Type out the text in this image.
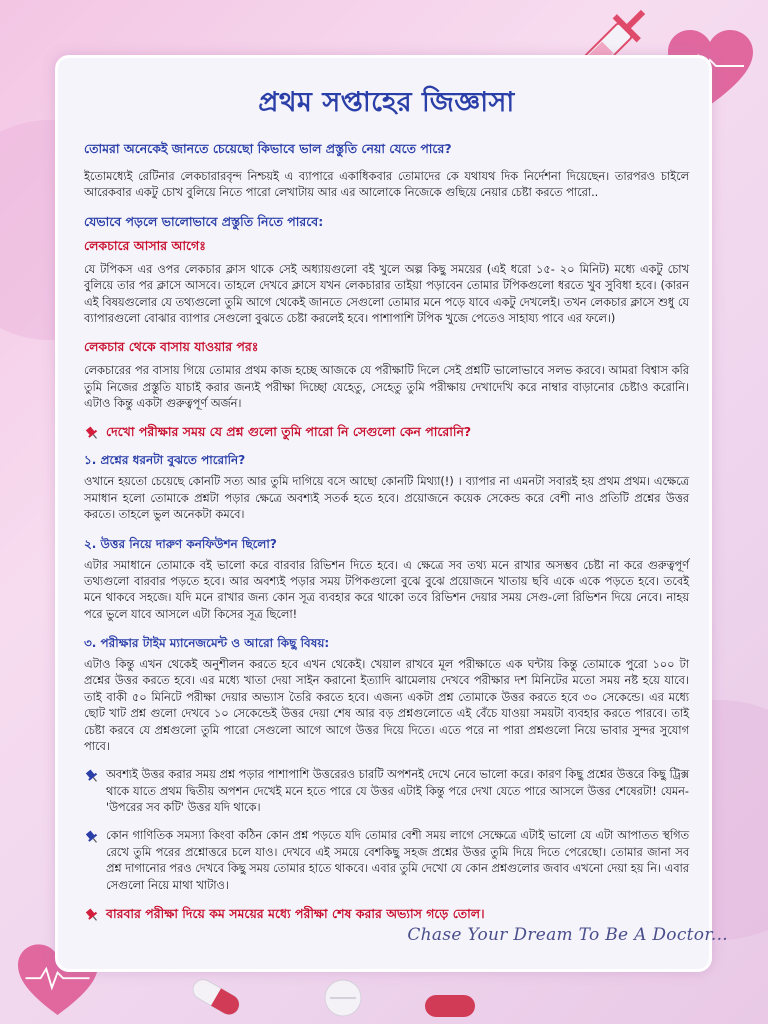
প্রথম সপ্তাহের জিজ্ঞাসা
তোমরা অনেকেই জানতে চেয়েছো কিভাবে ভাল প্রস্তুতি নেয়া যেতে পারে?

ইতোমধ্যেই রেটিনার লেকচারারবৃন্দ নিশ্চয়ই এ ব্যাপারে একাধিকবার তোমাদের কে যথাযথ দিক নির্দেশনা দিয়েছেন। তারপরও চাইলে আরেকবার একটু চোখ বুলিয়ে নিতে পারো লেখাটায় আর এর আলোকে নিজেকে গুছিয়ে নেয়ার চেষ্টা করতে পারো..

যেভাবে পড়লে ভালোভাবে প্রস্তুতি নিতে পারবে:
লেকচারে আসার আগেঃ

যে টপিকস এর ওপর লেকচার ক্লাস থাকে সেই অধ্যায়গুলো বই খুলে অল্প কিছু সময়ের (এই ধরো ১৫- ২০ মিনিট) মধ্যে একটু চোখ বুলিয়ে তার পর ক্লাসে আসবে। তাহলে দেখবে ক্লাসে যখন লেকচারার তাইয়া পড়াবেন তোমার টপিকগুলো ধরতে খুব সুবিধা হবে। (কারন এই বিষয়গুলোর যে তথ্যগুলো তুমি আগে থেকেই জানতে সেগুলো তোমার মনে পড়ে যাবে একটু দেখলেই। তখন লেকচার ক্লাসে শুধু যে ব্যাপারগুলো বোঝার ব্যাপার সেগুলো বুঝতে চেষ্টা করলেই হবে। পাশাপাশি টপিক খুজে পেতেও সাহায্য পাবে এর ফলে।)

লেকচার থেকে বাসায় যাওয়ার পরঃ

লেকচারের পর বাসায় গিয়ে তোমার প্রথম কাজ হচ্ছে আজকে যে পরীক্ষাটি দিলে সেই প্রশ্নটি ভালোভাবে সলভ করবে। আমরা বিশ্বাস করি তুমি নিজের প্রস্তুতি যাচাই করার জন্যই পরীক্ষা দিচ্ছো যেহেতু, সেহেতু তুমি পরীক্ষায় দেখাদেখি করে নাম্বার বাড়ানোর চেষ্টাও করোনি। এটাও কিন্তু একটা গুরুত্বপূর্ণ অর্জন।

দেখো পরীক্ষার সময় যে প্রশ্ন গুলো তুমি পারো নি সেগুলো কেন পারোনি?
১. প্রশ্নের ধরনটা বুঝতে পারোনি?

ওখানে হয়তো চেয়েছে কোনটি সত্য আর তুমি দাগিয়ে বসে আছো কোনটি মিথ্যা(!) । ব্যাপার না এমনটা সবারই হয় প্রথম প্রথম। এক্ষেত্রে সমাধান হলো তোমাকে প্রশ্নটা পড়ার ক্ষেত্রে অবশ্যই সতর্ক হতে হবে। প্রয়োজনে কয়েক সেকেন্ড করে বেশী নাও প্রতিটি প্রশ্নের উত্তর করতে। তাহলে ভুল অনেকটা কমবে।

২. উত্তর নিয়ে দারুণ কনফিউশন ছিলো?

এটার সমাধানে তোমাকে বই ভালো করে বারবার রিভিশন দিতে হবে। এ ক্ষেত্রে সব তথ্য মনে রাখার অসম্ভব চেষ্টা না করে গুরুত্বপূর্ণ তথ্যগুলো বারবার পড়তে হবে। আর অবশ্যই পড়ার সময় টপিকগুলো বুঝে বুঝে প্রয়োজনে খাতায় ছবি একে একে পড়তে হবে। তবেই মনে থাকবে সহজে। যদি মনে রাখার জন্য কোন সূত্র ব্যবহার করে থাকো তবে রিভিশন দেয়ার সময় সেগু-লো রিভিশন দিয়ে নেবে। নাহয় পরে ভুলে যাবে আসলে এটা কিসের সূত্র ছিলো!

৩. পরীক্ষার টাইম ম্যানেজমেন্ট ও আরো কিছু বিষয়:

এটাও কিন্তু এখন থেকেই অনুশীলন করতে হবে এখন থেকেই। খেয়াল রাখবে মূল পরীক্ষাতে এক ঘন্টায় কিন্তু তোমাকে পুরো ১০০ টা প্রশ্নের উত্তর করতে হবে। এর মধ্যে খাতা দেয়া সাইন করানো ইত্যাদি ঝামেলায় দেখবে পরীক্ষার দশ মিনিটের মতো সময় নষ্ট হয়ে যাবে। তাই বাকী ৫০ মিনিটে পরীক্ষা দেয়ার অভ্যাস তৈরি করতে হবে। এজন্য একটা প্রশ্ন তোমাকে উত্তর করতে হবে ৩০ সেকেন্ডে। এর মধ্যে ছোট খাট প্রশ্ন গুলো দেখবে ১০ সেকেন্ডেই উত্তর দেয়া শেষ আর বড় প্রশ্নগুলোতে এই বেঁচে যাওয়া সময়টা ব্যবহার করতে পারবে। তাই চেষ্টা করবে যে প্রশ্নগুলো তুমি পারো সেগুলো আগে আগে উত্তর দিয়ে দিতে। এতে পরে না পারা প্রশ্নগুলো নিয়ে ভাবার সুন্দর সুযোগ পাবে।

অবশ্যই উত্তর করার সময় প্রশ্ন পড়ার পাশাপাশি উত্তরেরও চারটি অপশনই দেখে নেবে ভালো করে। কারণ কিছু প্রশ্নের উত্তরে কিছু ট্রিক্স থাকে যাতে প্রথম দ্বিতীয় অপশন দেখেই মনে হতে পারে যে উত্তর এটাই কিন্তু পরে দেখা যেতে পারে আসলে উত্তর শেষেরটা! যেমন- 'উপরের সব কটি' উত্তর যদি থাকে।

কোন গাণিতিক সমস্যা কিংবা কঠিন কোন প্রশ্ন পড়তে যদি তোমার বেশী সময় লাগে সেক্ষেত্রে এটাই ভালো যে এটা আপাতত স্থগিত রেখে তুমি পরের প্রশ্নোত্তরে চলে যাও। দেখবে এই সময়ে বেশকিছু সহজ প্রশ্নের উত্তর তুমি দিয়ে দিতে পেরেছো। তোমার জানা সব প্রশ্ন দাগানোর পরও দেখবে কিছু সময় তোমার হাতে থাকবে। এবার তুমি দেখো যে কোন প্রশ্নগুলোর জবাব এখনো দেয়া হয় নি। এবার সেগুলো নিয়ে মাথা খাটাও।

বারবার পরীক্ষা দিয়ে কম সময়ের মধ্যে পরীক্ষা শেষ করার অভ্যাস গড়ে তোল।
Chase Your Dream To Be A Doctor...
